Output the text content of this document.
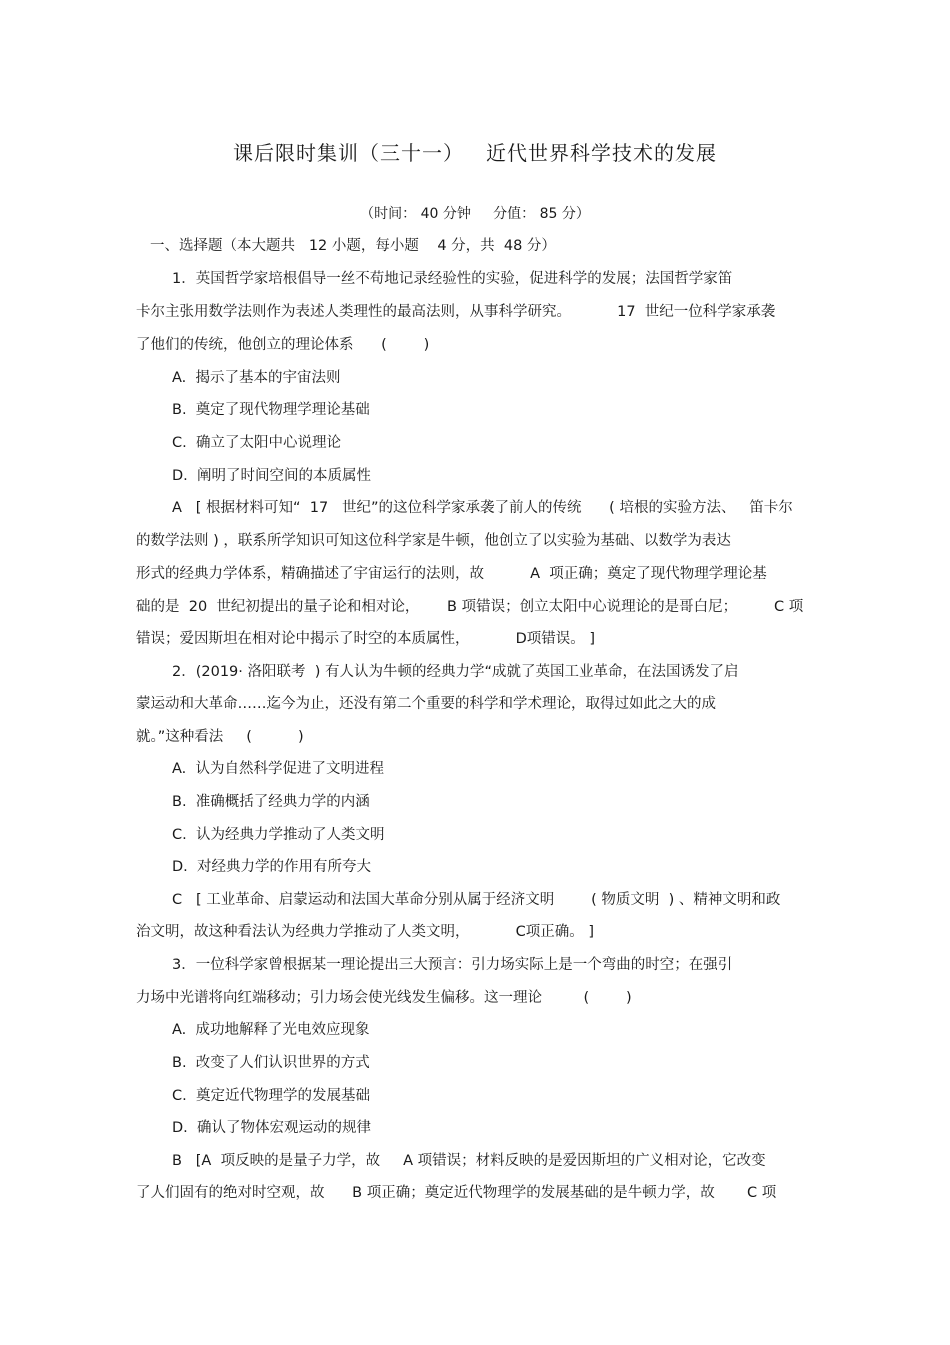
课后限时集训（三十一）   近代世界科学技术的发展
（时间： 40 分钟     分值： 85 分）
一、选择题（本大题共   12 小题，每小题    4 分，共  48 分）
1．英国哲学家培根倡导一丝不苟地记录经验性的实验，促进科学的发展；法国哲学家笛
卡尔主张用数学法则作为表述人类理性的最高法则，从事科学研究。          17  世纪一位科学家承袭
了他们的传统，他创立的理论体系      (        )
A.  揭示了基本的宇宙法则
B.  奠定了现代物理学理论基础
C.  确立了太阳中心说理论
D.  阐明了时间空间的本质属性
A   [ 根据材料可知“  17   世纪”的这位科学家承袭了前人的传统      ( 培根的实验方法、   笛卡尔
的数学法则 ) ，联系所学知识可知这位科学家是牛顿，他创立了以实验为基础、以数学为表达
形式的经典力学体系，精确描述了宇宙运行的法则，故          A  项正确；奠定了现代物理学理论基
础的是  20  世纪初提出的量子论和相对论，      B 项错误；创立太阳中心说理论的是哥白尼；        C 项
错误；爱因斯坦在相对论中揭示了时空的本质属性，          D项错误。 ]
2．(2019· 洛阳联考  ) 有人认为牛顿的经典力学“成就了英国工业革命，在法国诱发了启
蒙运动和大革命……迄今为止，还没有第二个重要的科学和学术理论，取得过如此之大的成
就。”这种看法     (          )
A.  认为自然科学促进了文明进程
B.  准确概括了经典力学的内涵
C.  认为经典力学推动了人类文明
D.  对经典力学的作用有所夸大
C   [ 工业革命、启蒙运动和法国大革命分别从属于经济文明        ( 物质文明  ) 、精神文明和政
治文明，故这种看法认为经典力学推动了人类文明，          C项正确。 ]
3．一位科学家曾根据某一理论提出三大预言：引力场实际上是一个弯曲的时空；在强引
力场中光谱将向红端移动；引力场会使光线发生偏移。这一理论         (        )
A.  成功地解释了光电效应现象
B.  改变了人们认识世界的方式
C.  奠定近代物理学的发展基础
D.  确认了物体宏观运动的规律
B   [A  项反映的是量子力学，故     A 项错误；材料反映的是爱因斯坦的广义相对论，它改变
了人们固有的绝对时空观，故      B 项正确；奠定近代物理学的发展基础的是牛顿力学，故       C 项
